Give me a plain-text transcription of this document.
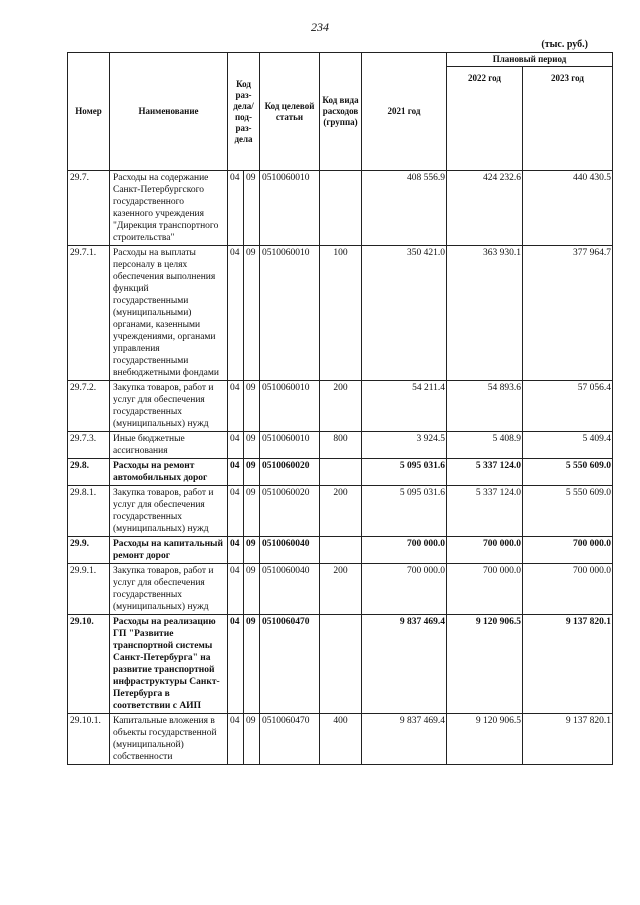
234
(тыс. руб.)
Номер	Наименование	Код раз-дела/ под-раз-дела		Код целевой статьи	Код вида расходов (группа)	2021 год	Плановый период	
							2022 год	2023 год
29.7.	Расходы на содержание Санкт-Петербургского государственного казенного учреждения "Дирекция транспортного строительства"	04	09	0510060010		408 556.9	424 232.6	440 430.5
29.7.1.	Расходы на выплаты персоналу в целях обеспечения выполнения функций государственными (муниципальными) органами, казенными учреждениями, органами управления государственными внебюджетными фондами	04	09	0510060010	100	350 421.0	363 930.1	377 964.7
29.7.2.	Закупка товаров, работ и услуг для обеспечения государственных (муниципальных) нужд	04	09	0510060010	200	54 211.4	54 893.6	57 056.4
29.7.3.	Иные бюджетные ассигнования	04	09	0510060010	800	3 924.5	5 408.9	5 409.4
29.8.	Расходы на ремонт автомобильных дорог	04	09	0510060020		5 095 031.6	5 337 124.0	5 550 609.0
29.8.1.	Закупка товаров, работ и услуг для обеспечения государственных (муниципальных) нужд	04	09	0510060020	200	5 095 031.6	5 337 124.0	5 550 609.0
29.9.	Расходы на капитальный ремонт дорог	04	09	0510060040		700 000.0	700 000.0	700 000.0
29.9.1.	Закупка товаров, работ и услуг для обеспечения государственных (муниципальных) нужд	04	09	0510060040	200	700 000.0	700 000.0	700 000.0
29.10.	Расходы на реализацию ГП "Развитие транспортной системы Санкт-Петербурга" на развитие транспортной инфраструктуры Санкт-Петербурга в соответствии с АИП	04	09	0510060470		9 837 469.4	9 120 906.5	9 137 820.1
29.10.1.	Капитальные вложения в объекты государственной (муниципальной) собственности	04	09	0510060470	400	9 837 469.4	9 120 906.5	9 137 820.1
